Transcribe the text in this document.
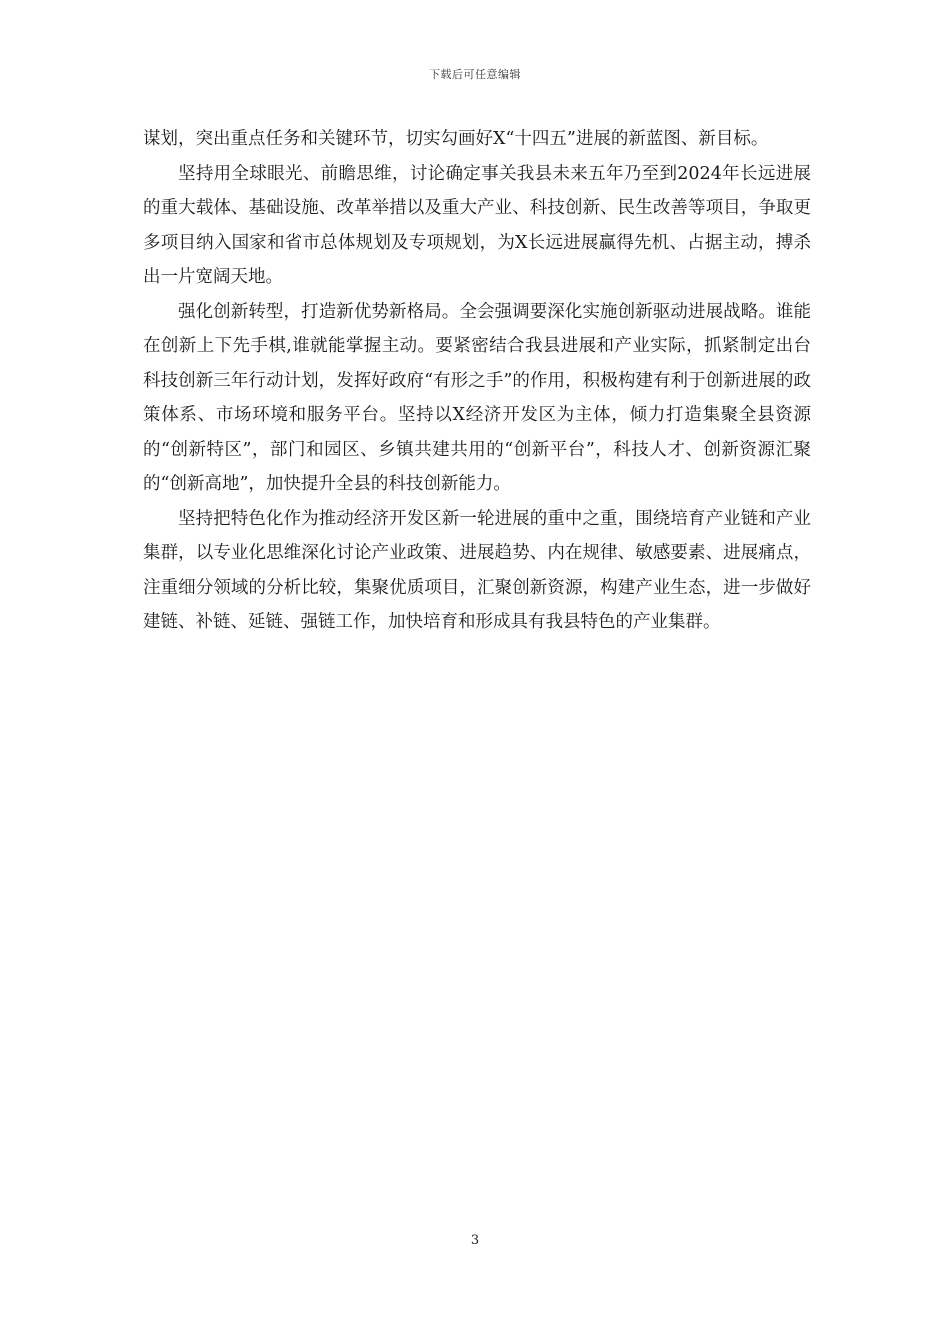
下载后可任意编辑

谋划，突出重点任务和关键环节，切实勾画好X“十四五”进展的新蓝图、新目标。

坚持用全球眼光、前瞻思维，讨论确定事关我县未来五年乃至到2024年长远进展的重大载体、基础设施、改革举措以及重大产业、科技创新、民生改善等项目，争取更多项目纳入国家和省市总体规划及专项规划，为X长远进展赢得先机、占据主动，搏杀出一片宽阔天地。

强化创新转型，打造新优势新格局。全会强调要深化实施创新驱动进展战略。谁能在创新上下先手棋,谁就能掌握主动。要紧密结合我县进展和产业实际，抓紧制定出台科技创新三年行动计划，发挥好政府“有形之手”的作用，积极构建有利于创新进展的政策体系、市场环境和服务平台。坚持以X经济开发区为主体，倾力打造集聚全县资源的“创新特区”，部门和园区、乡镇共建共用的“创新平台”，科技人才、创新资源汇聚的“创新高地”，加快提升全县的科技创新能力。

坚持把特色化作为推动经济开发区新一轮进展的重中之重，围绕培育产业链和产业集群，以专业化思维深化讨论产业政策、进展趋势、内在规律、敏感要素、进展痛点，注重细分领域的分析比较，集聚优质项目，汇聚创新资源，构建产业生态，进一步做好建链、补链、延链、强链工作，加快培育和形成具有我县特色的产业集群。

3
